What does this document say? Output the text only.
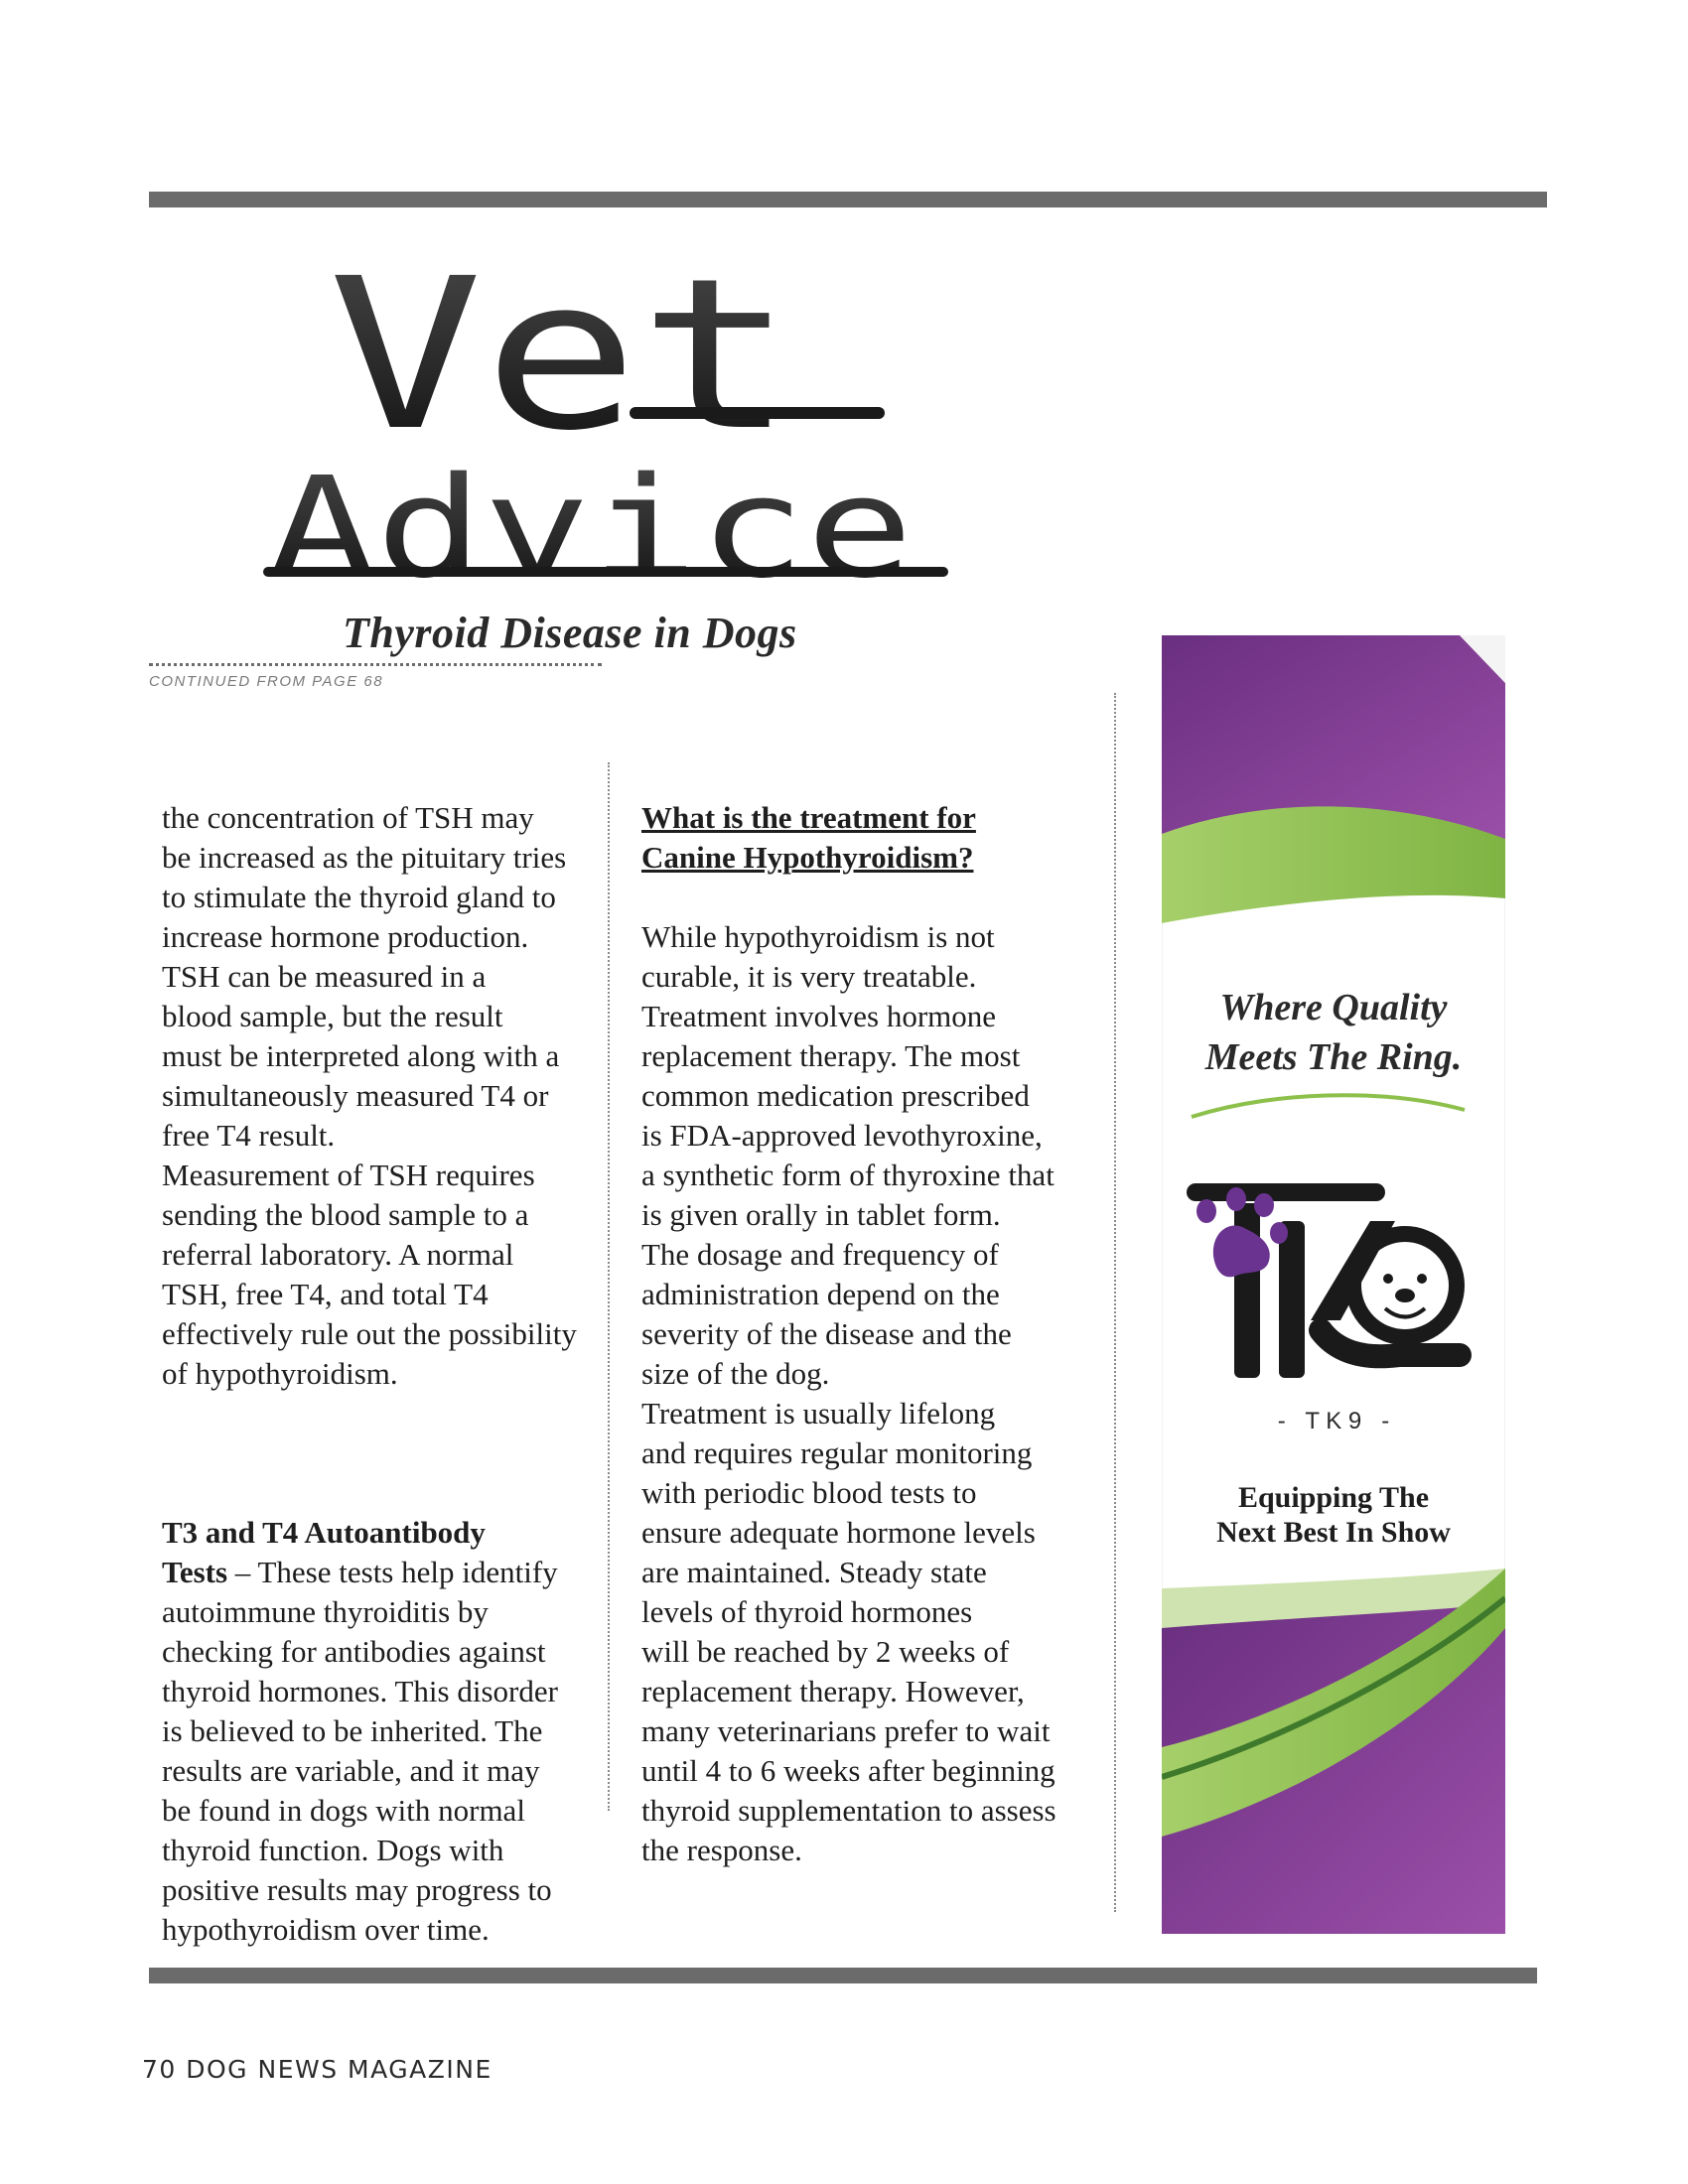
Vet
Advice
Thyroid Disease in Dogs
CONTINUED FROM PAGE 68

the concentration of TSH may
be increased as the pituitary tries
to stimulate the thyroid gland to
increase hormone production.
TSH can be measured in a
blood sample, but the result
must be interpreted along with a
simultaneously measured T4 or
free T4 result.
Measurement of TSH requires
sending the blood sample to a
referral laboratory. A normal
TSH, free T4, and total T4
effectively rule out the possibility
of hypothyroidism.

T3 and T4 Autoantibody
Tests – These tests help identify
autoimmune thyroiditis by
checking for antibodies against
thyroid hormones. This disorder
is believed to be inherited. The
results are variable, and it may
be found in dogs with normal
thyroid function. Dogs with
positive results may progress to
hypothyroidism over time.

What is the treatment for
Canine Hypothyroidism?

While hypothyroidism is not
curable, it is very treatable.
Treatment involves hormone
replacement therapy. The most
common medication prescribed
is FDA-approved levothyroxine,
a synthetic form of thyroxine that
is given orally in tablet form.
The dosage and frequency of
administration depend on the
severity of the disease and the
size of the dog.
Treatment is usually lifelong
and requires regular monitoring
with periodic blood tests to
ensure adequate hormone levels
are maintained. Steady state
levels of thyroid hormones
will be reached by 2 weeks of
replacement therapy. However,
many veterinarians prefer to wait
until 4 to 6 weeks after beginning
thyroid supplementation to assess
the response.

Where Quality
Meets The Ring.
-   T K 9   -
Equipping The
Next Best In Show
70 DOG NEWS MAGAZINE
